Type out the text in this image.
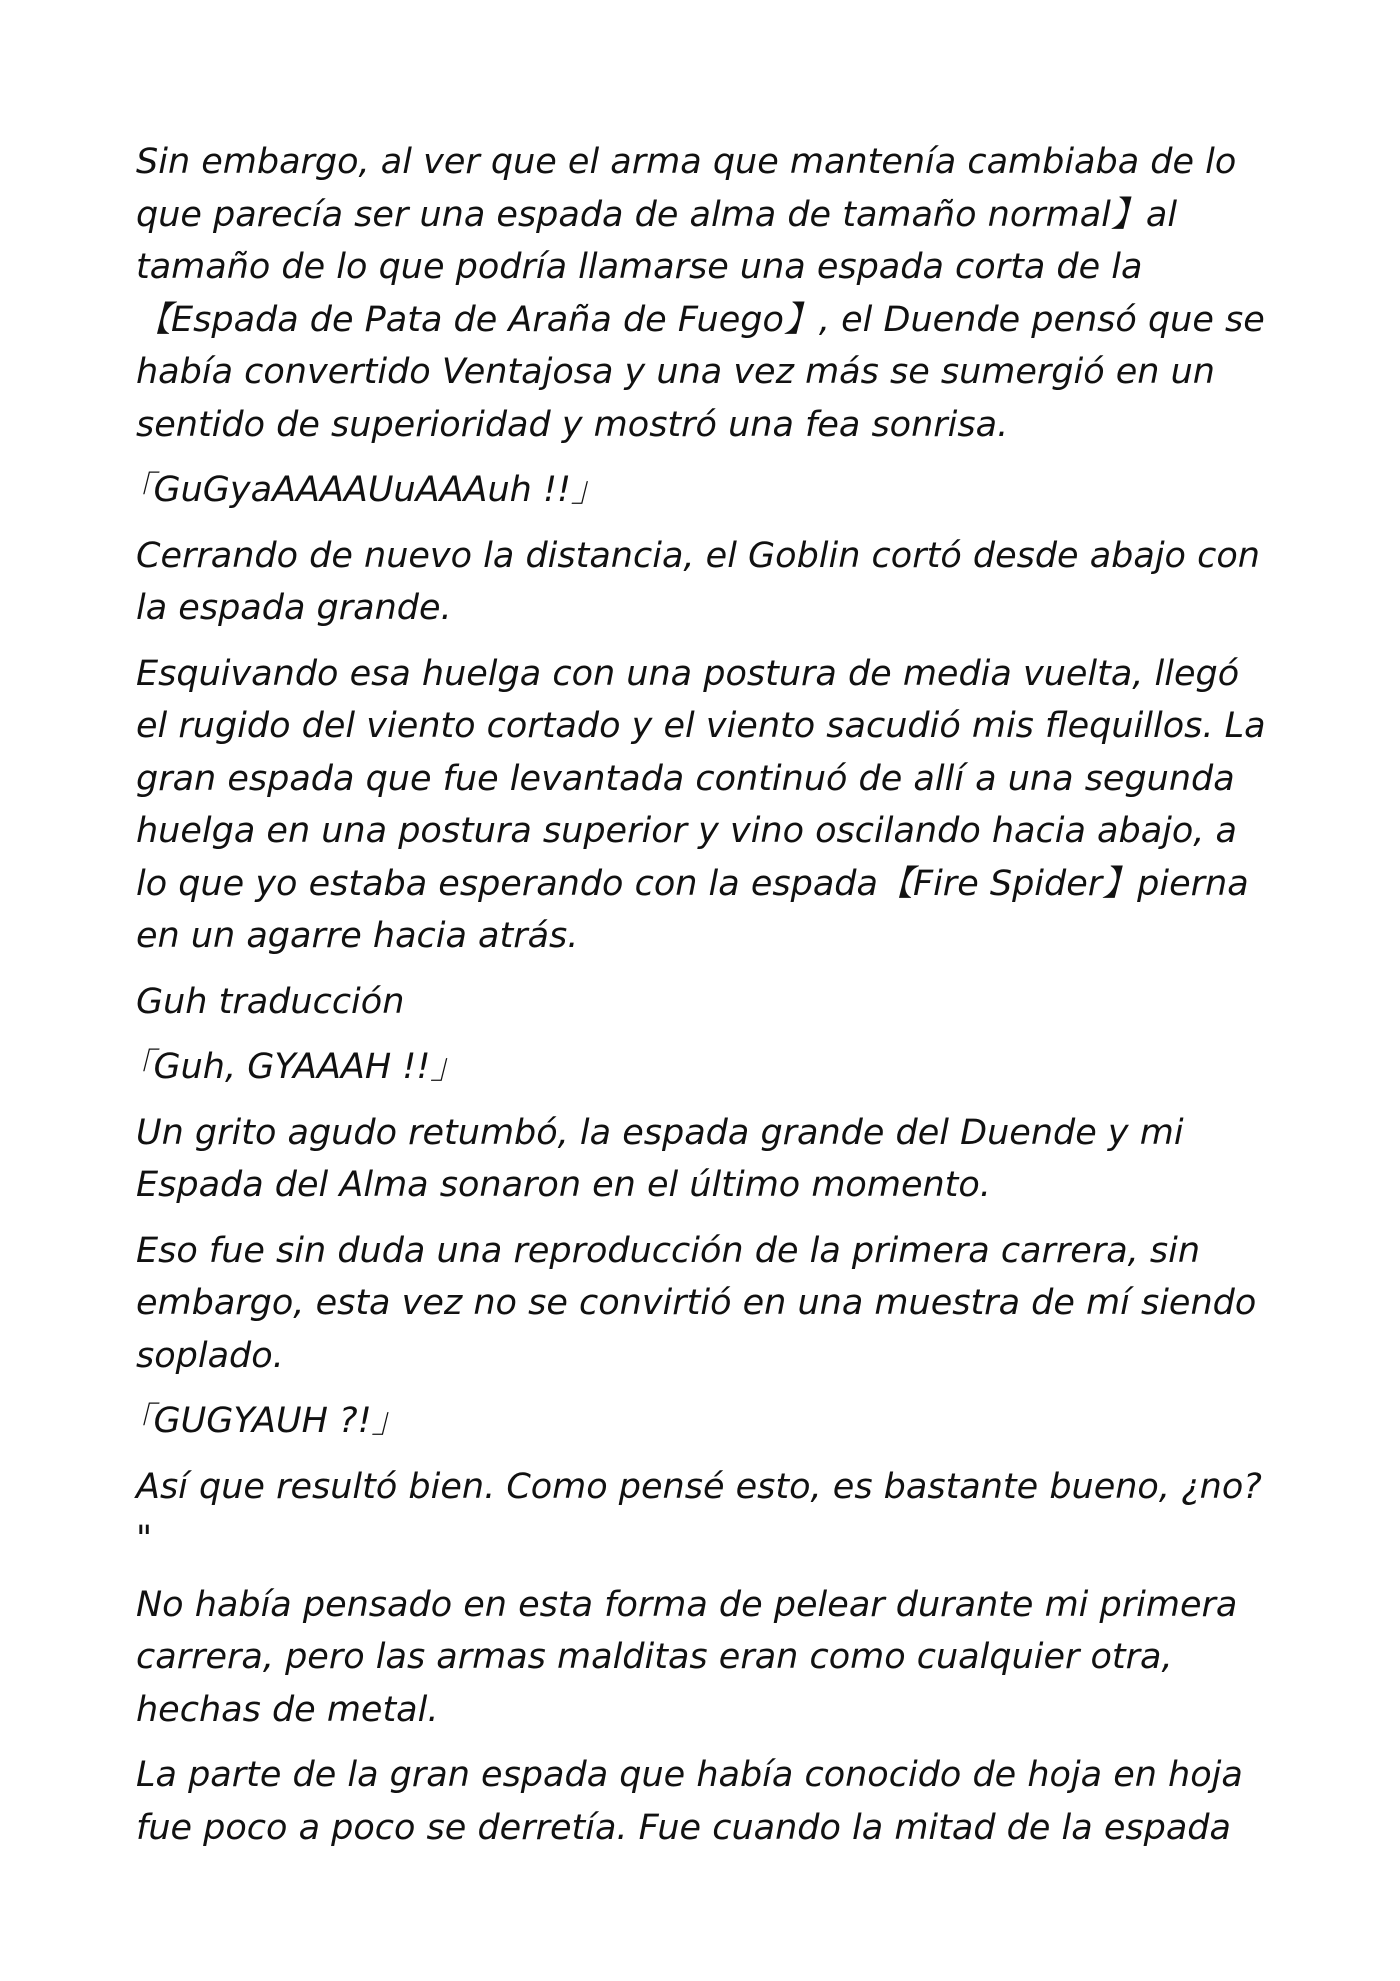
Sin embargo, al ver que el arma que mantenía cambiaba de lo que parecía ser una espada de alma de tamaño normal】al tamaño de lo que podría llamarse una espada corta de la【Espada de Pata de Araña de Fuego】, el Duende pensó que se había convertido Ventajosa y una vez más se sumergió en un sentido de superioridad y mostró una fea sonrisa.

｢GuGyaAAAAUuAAAuh !!｣

Cerrando de nuevo la distancia, el Goblin cortó desde abajo con la espada grande.

Esquivando esa huelga con una postura de media vuelta, llegó el rugido del viento cortado y el viento sacudió mis flequillos. La gran espada que fue levantada continuó de allí a una segunda huelga en una postura superior y vino oscilando hacia abajo, a lo que yo estaba esperando con la espada【Fire Spider】pierna en un agarre hacia atrás.

Guh traducción

｢Guh, GYAAAH !!｣

Un grito agudo retumbó, la espada grande del Duende y mi Espada del Alma sonaron en el último momento.

Eso fue sin duda una reproducción de la primera carrera, sin embargo, esta vez no se convirtió en una muestra de mí siendo soplado.

｢GUGYAUH ?!｣

Así que resultó bien. Como pensé esto, es bastante bueno, ¿no? "

No había pensado en esta forma de pelear durante mi primera carrera, pero las armas malditas eran como cualquier otra, hechas de metal.

La parte de la gran espada que había conocido de hoja en hoja fue poco a poco se derretía. Fue cuando la mitad de la espada
